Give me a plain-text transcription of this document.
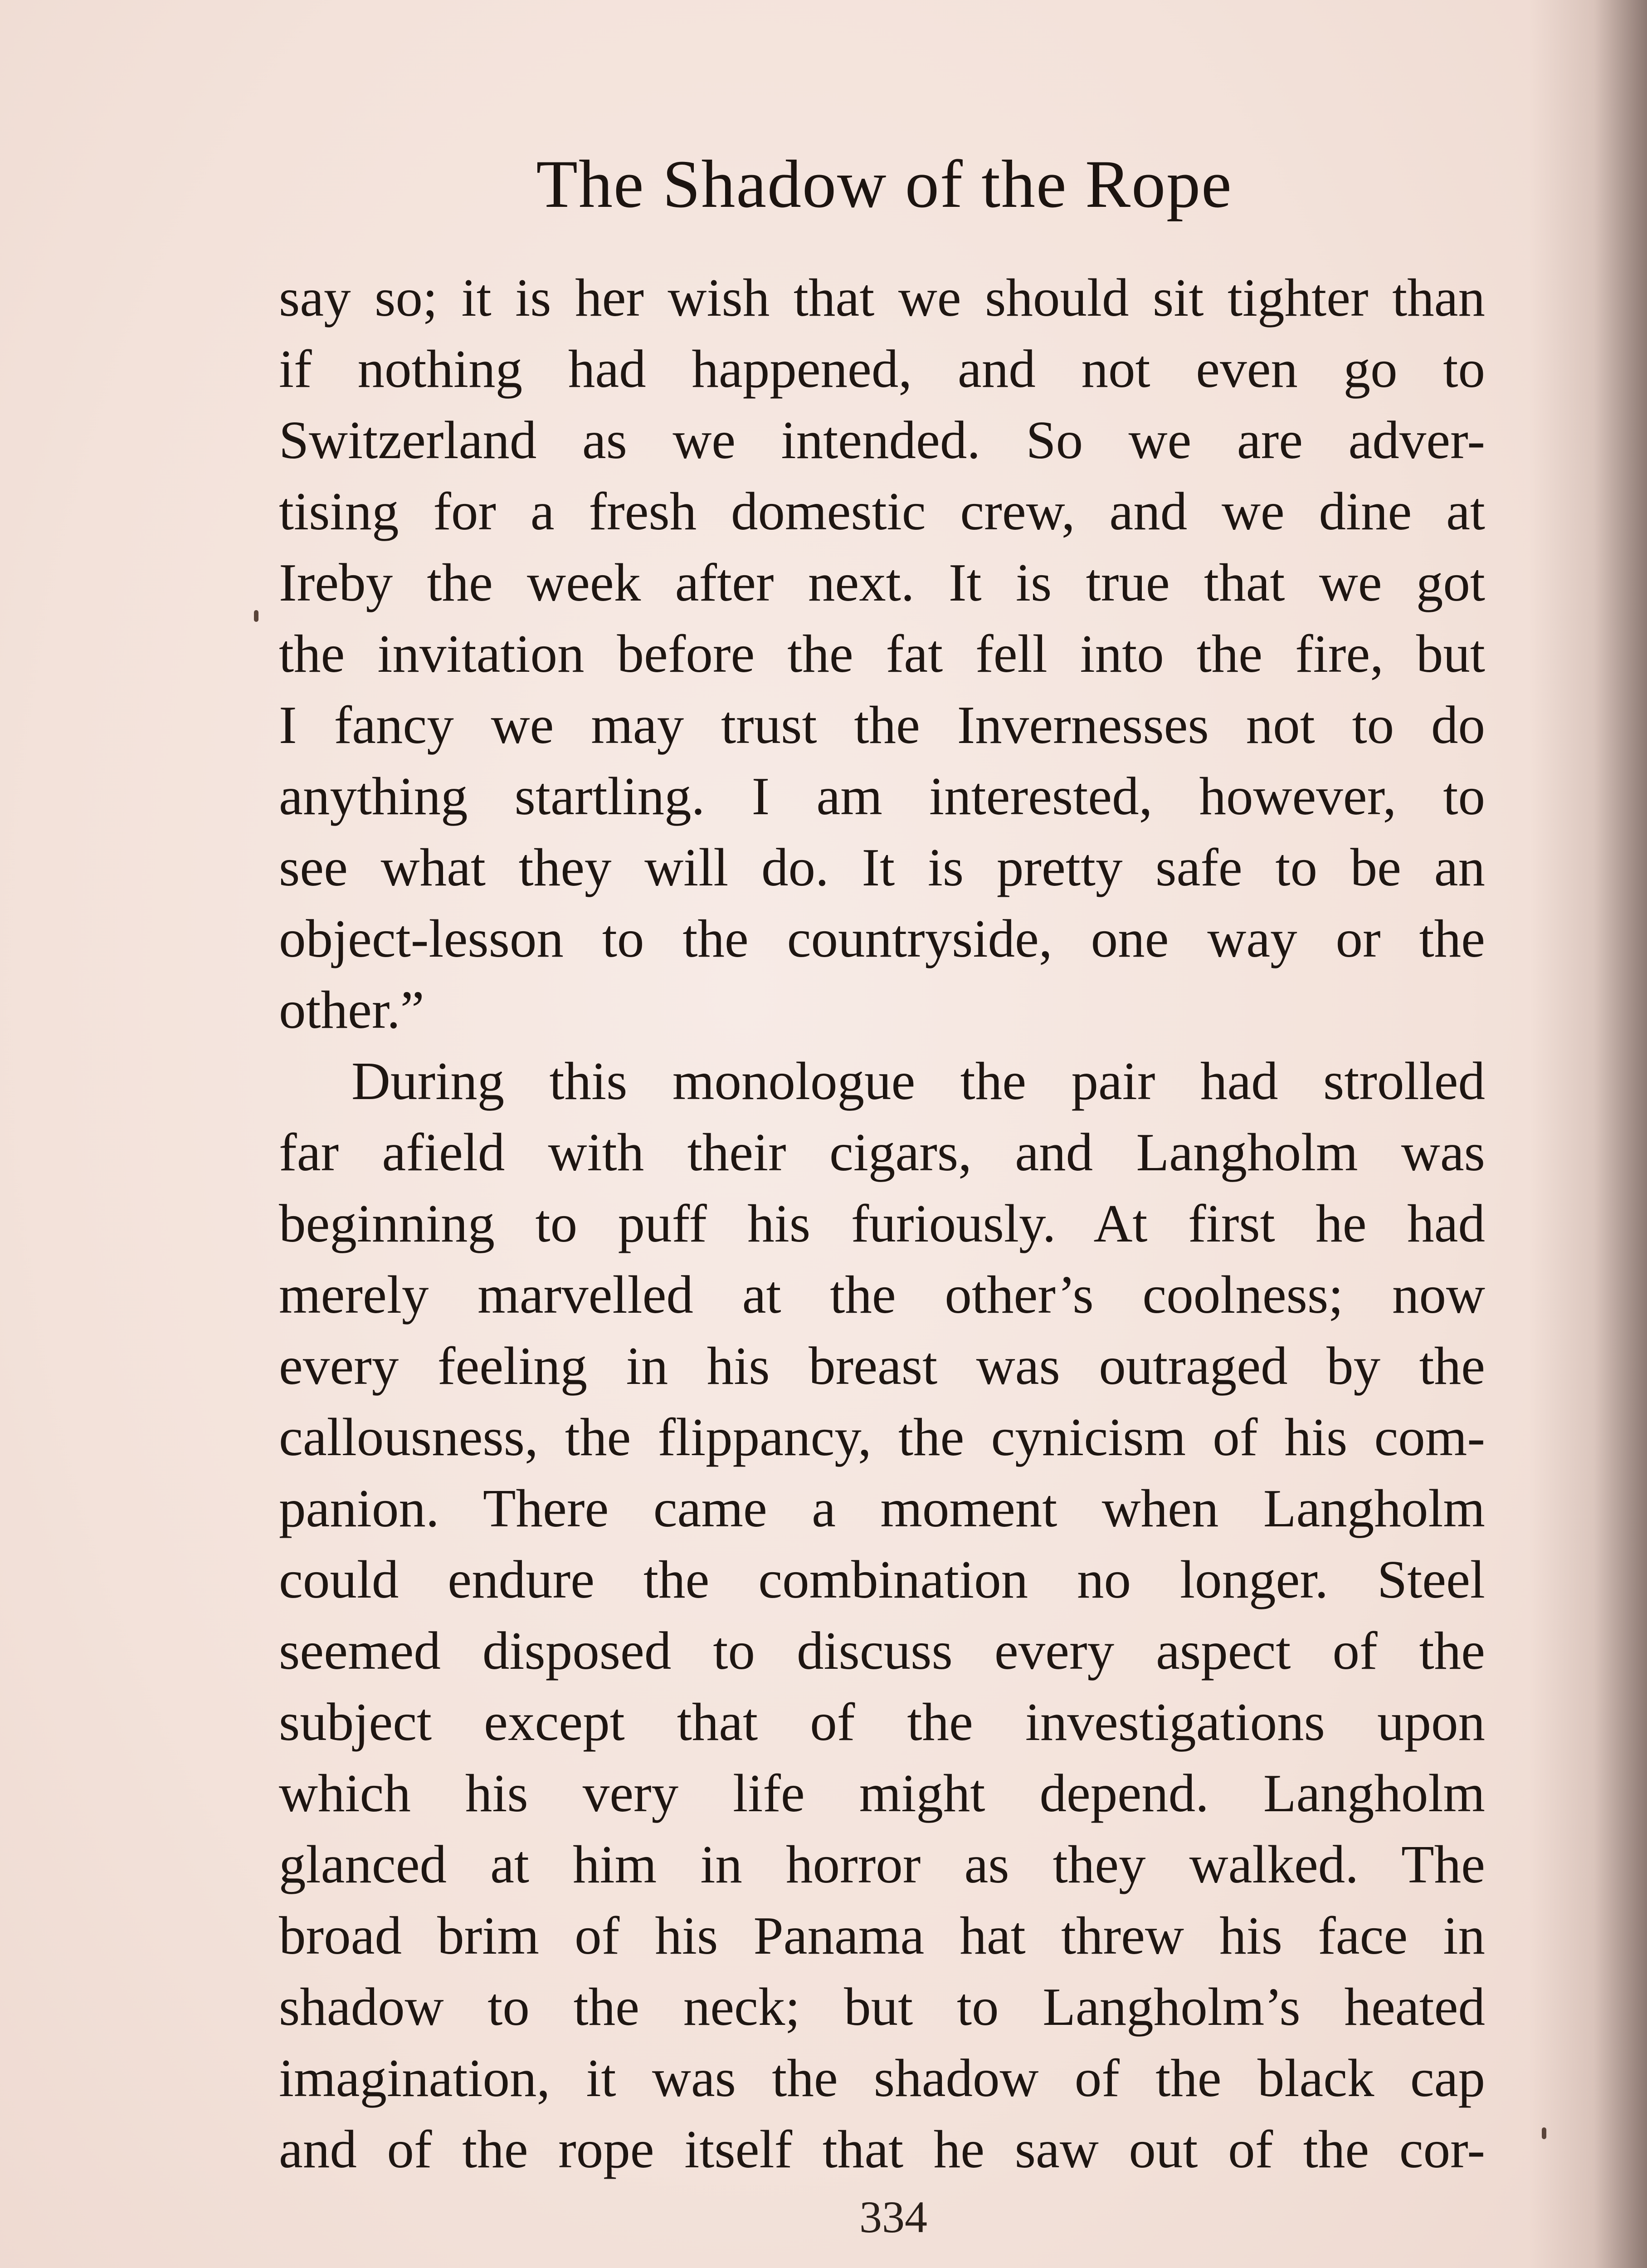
The Shadow of the Rope
say so; it is her wish that we should sit tighter than
if nothing had happened, and not even go to
Switzerland as we intended. So we are adver-
tising for a fresh domestic crew, and we dine at
Ireby the week after next. It is true that we got
the invitation before the fat fell into the fire, but
I fancy we may trust the Invernesses not to do
anything startling. I am interested, however, to
see what they will do. It is pretty safe to be an
object-lesson to the countryside, one way or the
other.”
During this monologue the pair had strolled
far afield with their cigars, and Langholm was
beginning to puff his furiously. At first he had
merely marvelled at the other’s coolness; now
every feeling in his breast was outraged by the
callousness, the flippancy, the cynicism of his com-
panion. There came a moment when Langholm
could endure the combination no longer. Steel
seemed disposed to discuss every aspect of the
subject except that of the investigations upon
which his very life might depend. Langholm
glanced at him in horror as they walked. The
broad brim of his Panama hat threw his face in
shadow to the neck; but to Langholm’s heated
imagination, it was the shadow of the black cap
and of the rope itself that he saw out of the cor-
334
